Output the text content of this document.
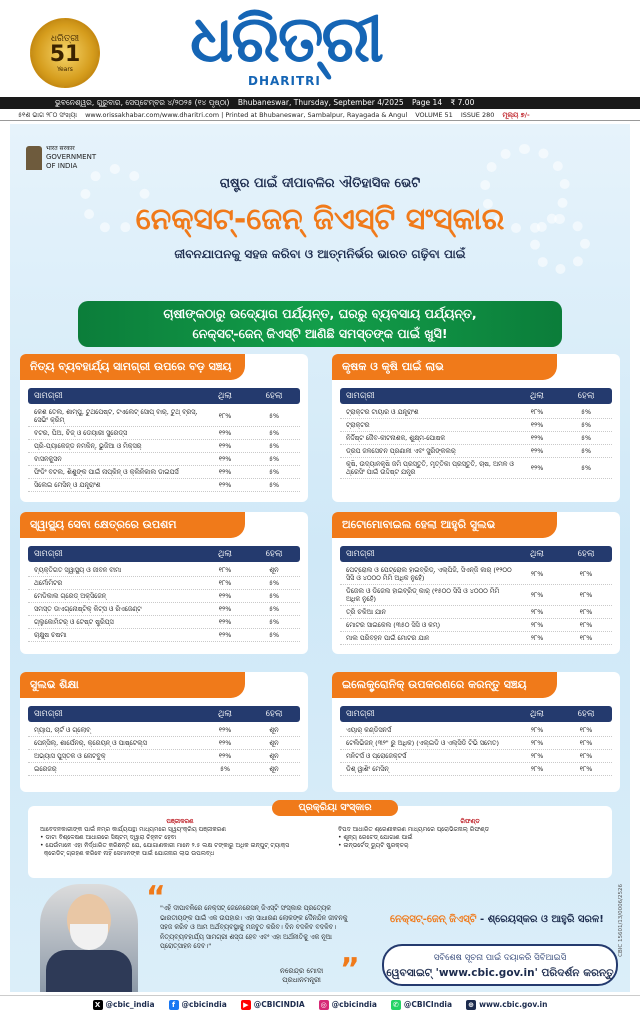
ଧରିତ୍ରୀ
51
Years ଧରିତ୍ରୀ
DHARITRI
ଭୁବନେଶ୍ୱର, ଗୁରୁବାର, ସେପ୍ଟେମ୍ବର ୪/୨୦୨୫ (୧୪ ପୃଷ୍ଠା) Bhubaneswar, Thursday, September 4/2025 Page 14 ₹ 7.00
୫୧ଶ ଭାଗ ୨୮୦ ସଂଖ୍ୟା www.orissakhabar.com/www.dharitri.com | Printed at Bhubaneswar, Sambalpur, Rayagada & Angul VOLUME 51 ISSUE 280 ମୂଲ୍ୟ ୭/-
भारत सरकार
GOVERNMENT
OF INDIA
ରାଷ୍ଟ୍ର ପାଇଁ ଦୀପାବଳିର ଐତିହାସିକ ଭେଟି
ନେକ୍ସଟ୍-ଜେନ୍ ଜିଏସ୍‌ଟି ସଂସ୍କାର
ଜୀବନଯାପନକୁ ସହଜ କରିବା ଓ ଆତ୍ମନିର୍ଭର ଭାରତ ଗଢ଼ିବା ପାଇଁ
ଚାଷୀଙ୍କଠାରୁ ଉଦ୍ୟୋଗ ପର୍ଯ୍ୟନ୍ତ, ଘରରୁ ବ୍ୟବସାୟ ପର୍ଯ୍ୟନ୍ତ,
ନେକ୍ସଟ୍-ଜେନ୍ ଜିଏସ୍‌ଟି ଆଣିଛି ସମସ୍ତଙ୍କ ପାଇଁ ଖୁସି!
ନିତ୍ୟ ବ୍ୟବହାର୍ଯ୍ୟ ସାମଗ୍ରୀ ଉପରେ ବଡ଼ ସଞ୍ଚୟ
ସାମଗ୍ରୀ	ଥିଲା	ହେଲା
କେଶ ତେଲ, ଶାମ୍ପୁ, ଟୁଥପେଷ୍ଟ, ଟଏଲେଟ୍ ସୋପ୍ ବାର୍, ଟୁଥ୍ ବ୍ରସ୍, ସେଭିଂ କ୍ରିମ୍	୧୮%	୫%
ବଟର, ଘିଅ, ଚିଜ୍ ଓ ଡେୟାରୀ ସ୍ପ୍ରେଡ୍ସ	୧୨%	୫%
ପ୍ରି-ପ୍ୟାକେଜ୍ଡ ନମକିନ୍, ଭୁଜିଆ ଓ ମିକ୍ସର୍	୧୨%	୫%
ବାସନକୁସନ	୧୨%	୫%
ଫିଡିଂ ବଟଲ, ଶିଶୁଙ୍କ ପାଇଁ ନାପ୍‌କିନ୍ ଓ କ୍ଲିନିକାଲ ଡାଇପର୍ସ	୧୨%	୫%
ସିଲେଇ ମେସିନ୍ ଓ ଯନ୍ତ୍ରାଂଶ	୧୨%	୫%
କୃଷକ ଓ କୃଷି ପାଇଁ ଲାଭ
ସାମଗ୍ରୀ	ଥିଲା	ହେଲା
ଟ୍ରାକ୍ଟର ଟାୟାର ଓ ଯନ୍ତ୍ରାଂଶ	୧୮%	୫%
ଟ୍ରାକ୍ଟର	୧୨%	୫%
ନିର୍ଦ୍ଦିଷ୍ଟ ଜୈବ-କୀଟନାଶକ, ଶୁକ୍ଷ୍ମ-ପୋଷକ	୧୨%	୫%
ଡ୍ରପ ଜଳସେଚନ ପ୍ରଣାଳୀ ଏବଂ ସ୍ପ୍ରିଙ୍କଲର୍	୧୨%	୫%
କୃଷି, ଉଦ୍ୟାନକୃଷି ଜମି ପ୍ରସ୍ତୁତି, ମୃତ୍ତିକା ପ୍ରସ୍ତୁତି, ଚାଷ, ଅମଳ ଓ ଥ୍ରେସିଂ ପାଇଁ ଉଦ୍ଦିଷ୍ଟ ଯନ୍ତ୍ର	୧୨%	୫%
ସ୍ୱାସ୍ଥ୍ୟ ସେବା କ୍ଷେତ୍ରରେ ଉପଶମ
ସାମଗ୍ରୀ	ଥିଲା	ହେଲା
ବ୍ୟକ୍ତିଗତ ସ୍ୱାସ୍ଥ୍ୟ ଓ ଜୀବନ ବୀମା	୧୮%	ଶୂନ
ଥର୍ମୋମିଟର	୧୮%	୫%
ମେଡିକାଲ ଗ୍ରେଡ୍ ଅକ୍ସିଜେନ୍	୧୨%	୫%
ସମସ୍ତ ଡାଏଗ୍ନୋଷ୍ଟିକ୍ କିଟ୍ସ ଓ ରିଏଜେଣ୍ଟ	୧୨%	୫%
ଗ୍ଲୁକୋମିଟର୍ ଓ ଟେଷ୍ଟ ଷ୍ଟ୍ରିପ୍ସ	୧୨%	୫%
ଚାକ୍ଷୁଷ ଚଷମା	୧୨%	୫%
ଅଟୋମୋବାଇଲ ହେଲା ଆହୁରି ସୁଲଭ
ସାମଗ୍ରୀ	ଥିଲା	ହେଲା
ପେଟ୍ରୋଲ ଓ ପେଟ୍ରୋଲ ହାଇବ୍ରିଡ୍, ଏଲ୍‌ପିଜି, ସିଏନ୍‌ଜି କାର୍ (୧୨୦୦ ସିସି ଓ ୪୦୦୦ ମିମି ଅଧିକ ନୁହେଁ)	୨୮%	୧୮%
ଡିଜେଲ ଓ ଡିଜେଲ ହାଇବ୍ରିଡ୍ କାର୍ (୧୫୦୦ ସିସି ଓ ୪୦୦୦ ମିମି ଅଧିକ ନୁହେଁ)	୨୮%	୧୮%
ତ୍ରି ଚକିଆ ଯାନ	୨୮%	୧୮%
ମୋଟର ସାଇକେଲ (୩୫୦ ସିସି ଓ କମ୍)	୨୮%	୧୮%
ମାଲ ପରିବହନ ପାଇଁ ମୋଟର ଯାନ	୨୮%	୧୮%
ସୁଲଭ ଶିକ୍ଷା
ସାମଗ୍ରୀ	ଥିଲା	ହେଲା
ମ୍ୟାପ, ଚାର୍ଟ ଓ ଗ୍ଲୋବ୍	୧୨%	ଶୂନ
ପେନ୍‌ସିଲ୍, ଶାର୍ପେନର୍, କ୍ରେୟନ୍ ଓ ପାଷ୍ଟେଲ୍ସ	୧୨%	ଶୂନ
ଅଭ୍ୟାସ ପୁସ୍ତକ ଓ ନୋଟବୁକ୍	୧୨%	ଶୂନ
ଇରେଜର୍	୫%	ଶୂନ
ଇଲେକ୍ଟ୍ରୋନିକ୍ ଉପକରଣରେ କରନ୍ତୁ ସଞ୍ଚୟ
ସାମଗ୍ରୀ	ଥିଲା	ହେଲା
ଏୟାର୍ କଣ୍ଡିସନର୍ସ	୨୮%	୧୮%
ଟେଲିଭିଜନ୍ (୩୨" ରୁ ଅଧିକ) (ଏଲ୍‌ଇଡି ଓ ଏଲ୍‌ସିଡି ଟିଭି ସମେତ)	୨୮%	୧୮%
ମନିଟର୍ସ ଓ ପ୍ରୋଜେକ୍ଟର୍ସ	୨୮%	୧୮%
ଡିଶ୍ ୱାଶିଂ ମେସିନ୍	୨୮%	୧୮%
ପଞ୍ଜୀକରଣ
ଆବେଦନକାରୀଙ୍କ ପାଇଁ ନମ୍ର କାର୍ଯ୍ୟପନ୍ଥା ମାଧ୍ୟମରେ ସ୍ୱୟଂକ୍ରିୟ ପଞ୍ଜୀକରଣ
• ଡାଟା ବିଶ୍ଳେଷଣ ଆଧାରରେ ସିଷ୍ଟମ୍ ଦ୍ୱାରା ଚିହ୍ନଟ ହେବା
• ଯେଉଁମାନେ ଏହା ନିର୍ଦ୍ଧାରିତ କରିଛନ୍ତି ଯେ, ଯୋଗାଣକାରୀ ମାନେ ୨.୫ ଲକ୍ଷ ଟଙ୍କାରୁ ଅଧିକ ଇନ୍‌ପୁଟ୍ ଟ୍ୟାକ୍ସ
କ୍ରେଡିଟ୍ ଗ୍ରହଣ କରିବେ ନାହିଁ ସେମାନଙ୍କ ପାଇଁ ଯୋଜନାର ଲାଭ ଉପଲବ୍ଧ
ରିଫଣ୍ଡ
ବିପଦ ଆଧାରିତ ଶ୍ରେଣୀକରଣ ମାଧ୍ୟମରେ ପ୍ରୋଭିଜନାଲ୍ ରିଫଣ୍ଡ
• ଶୂନ୍ୟ ରେଟେଡ୍ ଯୋଗାଣ ପାଇଁ
• ଇନ୍‌ଭର୍ଟେଡ୍ ଡ୍ୟୁଟି ଷ୍ଟ୍ରକ୍ଚର୍
ପ୍ରକ୍ରିୟା ସଂସ୍କାର
“
"ଏହି ଦୀପାବଳିରେ ନେକ୍ସଟ୍ ଜେନେରେସନ୍ ଜିଏସ୍‌ଟି ସଂସ୍କାର ପ୍ରତ୍ୟେକ ଭାରତୀୟଙ୍କ ପାଇଁ ଏକ ଉପହାର। ଏହା ସାଧାରଣ ଲୋକଙ୍କ ଦୈନନ୍ଦିନ ଜୀବନକୁ ସହଜ କରିବ ଓ ଆମ ଅର୍ଥବ୍ୟବସ୍ଥାକୁ ମଜବୁତ କରିବ। ଦିନ ବଦଳିବ ବଦଳିବ। ନିତ୍ୟବ୍ୟବହାର୍ଯ୍ୟ ସାମଗ୍ରୀ ଶସ୍ତା ହେବ ଏବଂ ଏହା ଅର୍ଥନୀତିକୁ ଏକ ନୂଆ ପ୍ରୋତ୍ସାହନ ଦେବ।"
ନରେନ୍ଦ୍ର ମୋଦୀ
ପ୍ରଧାନମନ୍ତ୍ରୀ ”
ନେକ୍ସଟ୍-ଜେନ୍ ଜିଏସ୍‌ଟି - ଶ୍ରେୟସ୍କର ଓ ଆହୁରି ସରଳ!
ସବିଶେଷ ସୂଚନା ପାଇଁ ଦୟାକରି ସିବିଆଇସି
ୱେବସାଇଟ୍ 'www.cbic.gov.in' ପରିଦର୍ଶନ କରନ୍ତୁ
CBIC 15601/13/0006/2526
X @cbic_india	f @cbicindia	▶ @CBICINDIA ◎ @cbicindia ✆ @CBICIndia ⊕ www.cbic.gov.in
